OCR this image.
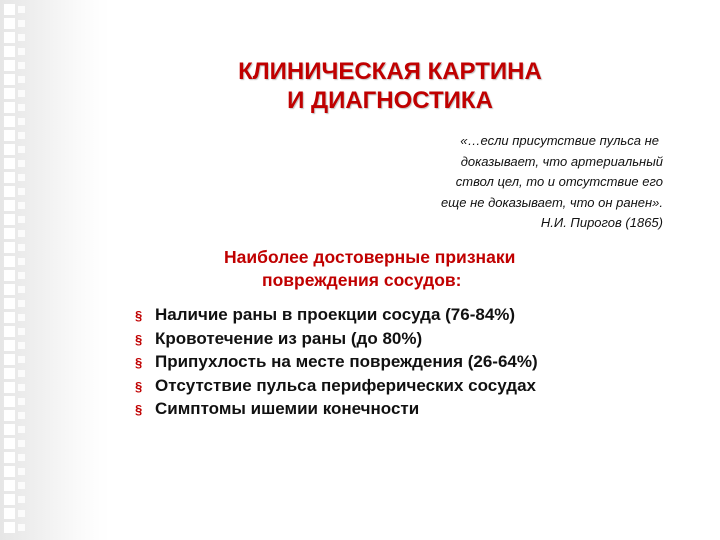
КЛИНИЧЕСКАЯ КАРТИНА
И ДИАГНОСТИКА
«…если присутствие пульса не
доказывает, что артериальный
ствол цел, то и отсутствие его
еще не доказывает, что он ранен».
Н.И. Пирогов (1865)
Наиболее достоверные признаки
повреждения сосудов:
§ Наличие раны в проекции сосуда (76-84%)
§ Кровотечение из раны (до 80%)
§ Припухлость на месте повреждения (26-64%)
§ Отсутствие пульса периферических сосудах
§ Симптомы ишемии конечности
